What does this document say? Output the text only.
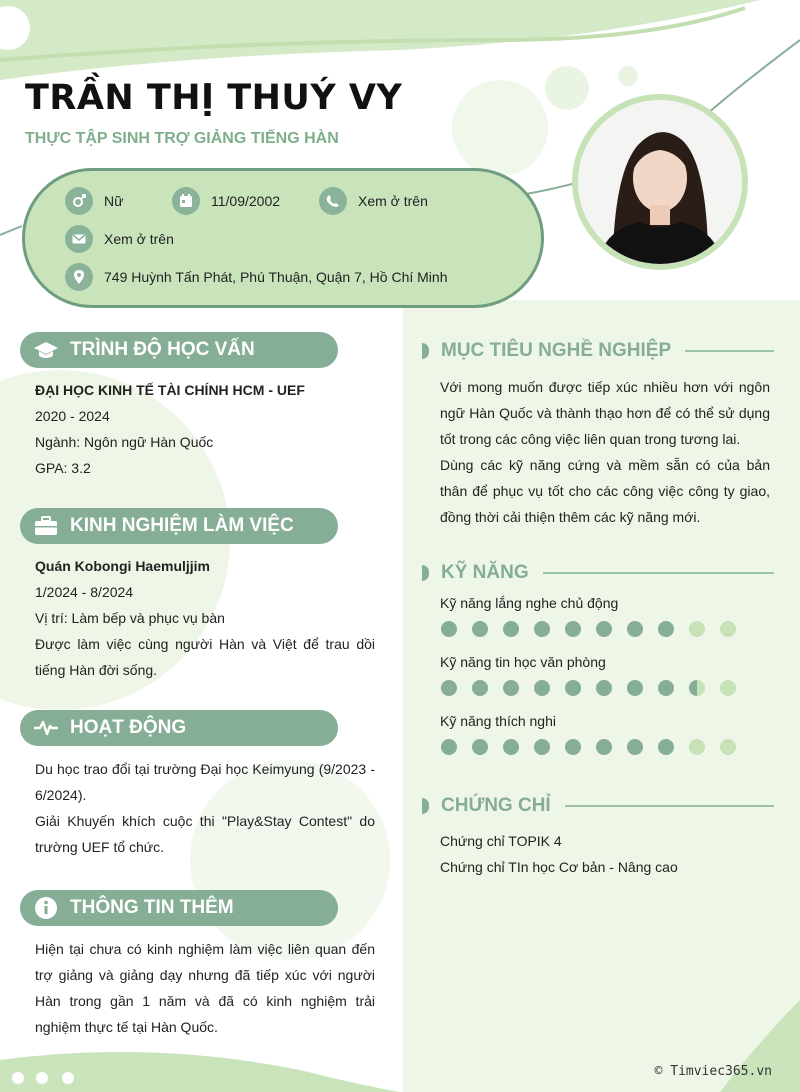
TRẦN THỊ THUÝ VY
THỰC TẬP SINH TRỢ GIẢNG TIẾNG HÀN
Nữ	11/09/2002	Xem ở trên
Xem ở trên
749 Huỳnh Tấn Phát, Phú Thuận, Quận 7, Hồ Chí Minh
TRÌNH ĐỘ HỌC VẤN
ĐẠI HỌC KINH TẾ TÀI CHÍNH HCM - UEF
2020 - 2024
Ngành: Ngôn ngữ Hàn Quốc
GPA: 3.2
KINH NGHIỆM LÀM VIỆC
Quán Kobongi Haemuljjim
1/2024 - 8/2024
Vị trí: Làm bếp và phục vụ bàn
Được làm việc cùng người Hàn và Việt để trau dồi tiếng Hàn đời sống.
HOẠT ĐỘNG
Du học trao đổi tại trường Đại học Keimyung (9/2023 - 6/2024).
Giải Khuyến khích cuộc thi "Play&Stay Contest" do trường UEF tổ chức.
THÔNG TIN THÊM
Hiện tại chưa có kinh nghiệm làm việc liên quan đến trợ giảng và giảng dạy nhưng đã tiếp xúc với người Hàn trong gần 1 năm và đã có kinh nghiệm trải nghiệm thực tế tại Hàn Quốc.
MỤC TIÊU NGHỀ NGHIỆP
Với mong muốn được tiếp xúc nhiều hơn với ngôn ngữ Hàn Quốc và thành thạo hơn để có thể sử dụng tốt trong các công việc liên quan trong tương lai.
Dùng các kỹ năng cứng và mềm sẵn có của bản thân để phục vụ tốt cho các công việc công ty giao, đồng thời cải thiện thêm các kỹ năng mới.
KỸ NĂNG
Kỹ năng lắng nghe chủ động
Kỹ năng tin học văn phòng
Kỹ năng thích nghi
CHỨNG CHỈ
Chứng chỉ TOPIK 4
Chứng chỉ TIn học Cơ bản - Nâng cao
© Timviec365.vn
